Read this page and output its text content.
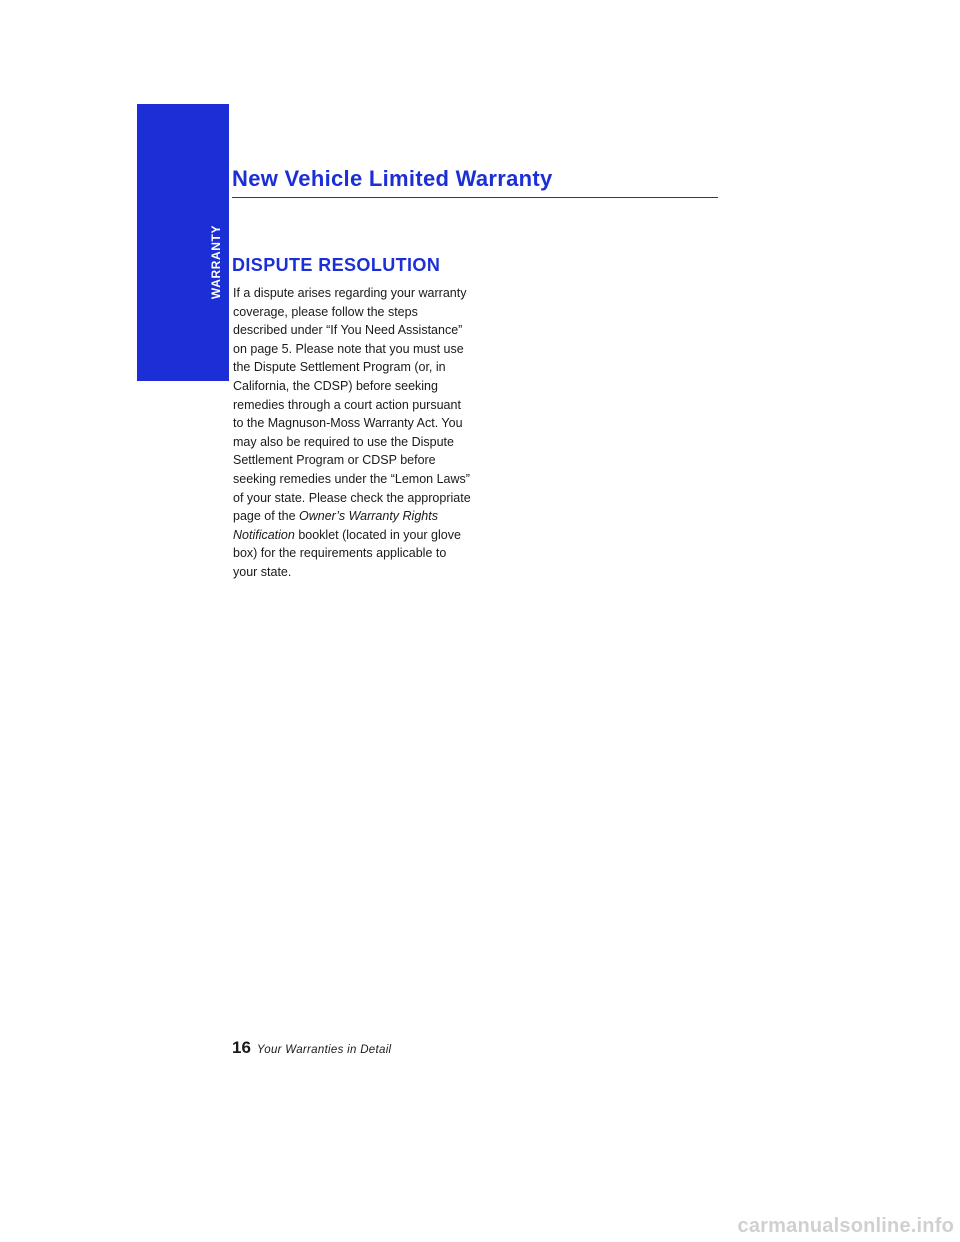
WARRANTY
New Vehicle Limited Warranty
DISPUTE RESOLUTION

If a dispute arises regarding your warranty
coverage, please follow the steps
described under “If You Need Assistance”
on page 5. Please note that you must use
the Dispute Settlement Program (or, in
California, the CDSP) before seeking
remedies through a court action pursuant
to the Magnuson-Moss Warranty Act. You
may also be required to use the Dispute
Settlement Program or CDSP before
seeking remedies under the “Lemon Laws”
of your state. Please check the appropriate
page of the Owner’s Warranty Rights
Notification booklet (located in your glove
box) for the requirements applicable to
your state.

16 Your Warranties in Detail
carmanualsonline.info
